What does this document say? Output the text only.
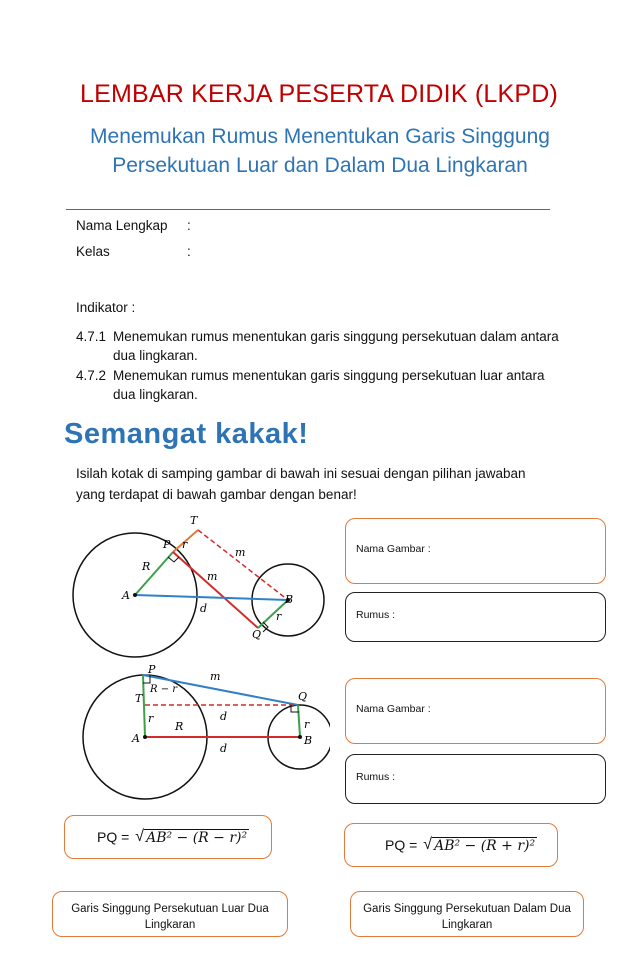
LEMBAR KERJA PESERTA DIDIK (LKPD)
Menemukan Rumus Menentukan Garis Singgung
Persekutuan Luar dan Dalam Dua Lingkaran
Nama Lengkap :
Kelas	:
Indikator :
4.7.1 Menemukan rumus menentukan garis singgung persekutuan dalam antara dua lingkaran.
4.7.2 Menemukan rumus menentukan garis singgung persekutuan luar antara dua lingkaran.
Semangat kakak!
Isilah kotak di samping gambar di bawah ini sesuai dengan pilihan jawaban yang terdapat di bawah gambar dengan benar!
T
P r
m
R
A
m
B
d
r
Q
Nama Gambar :
Rumus :
P
m
R − r
T	Q
d
r
R	r
A	B
d
Nama Gambar :
Rumus :
PQ = √ AB² − (R − r)²	PQ = √ AB² − (R + r)²
Garis Singgung Persekutuan Luar Dua Lingkaran
Garis Singgung Persekutuan Dalam Dua Lingkaran
